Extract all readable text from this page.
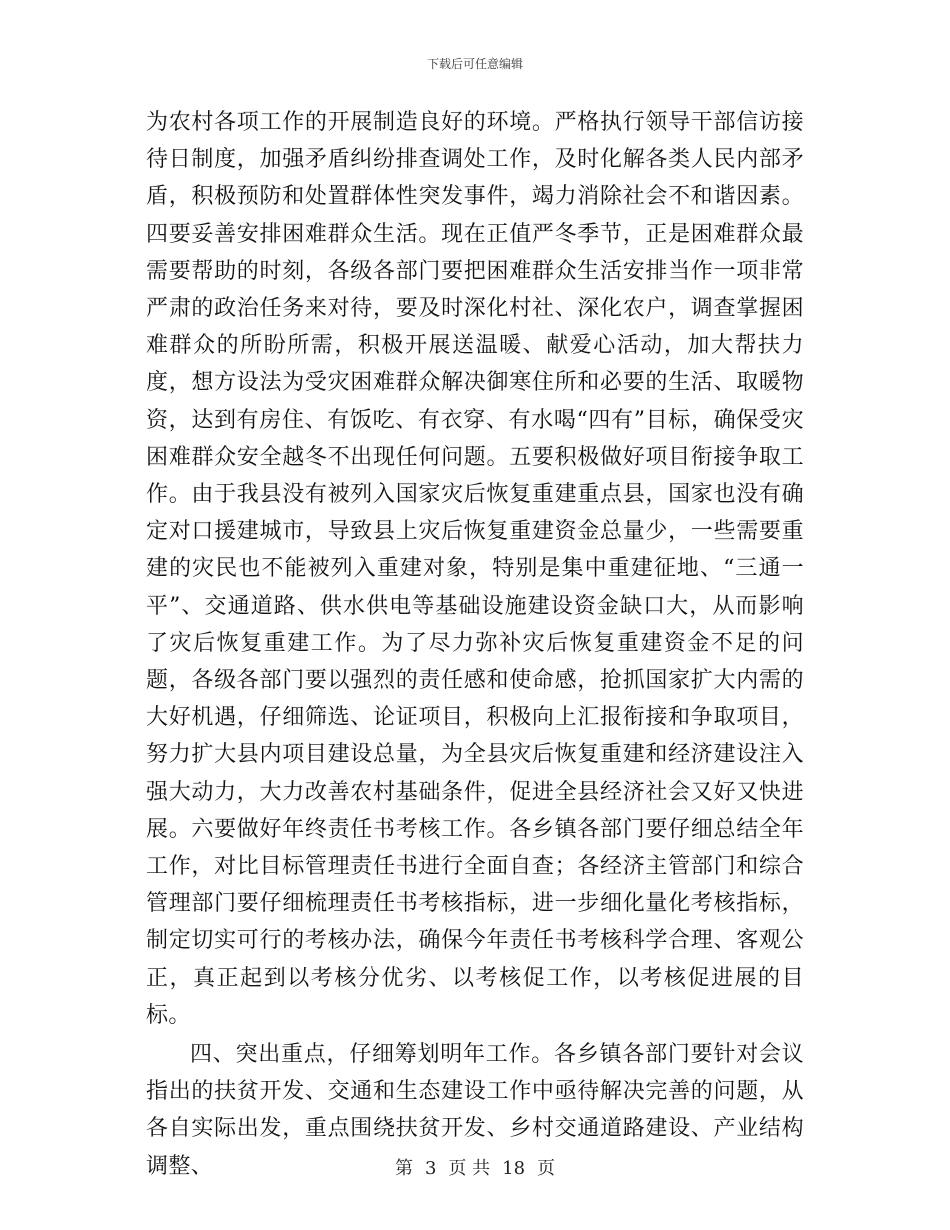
下载后可任意编辑

为农村各项工作的开展制造良好的环境。严格执行领导干部信访接待日制度，加强矛盾纠纷排查调处工作，及时化解各类人民内部矛盾，积极预防和处置群体性突发事件，竭力消除社会不和谐因素。四要妥善安排困难群众生活。现在正值严冬季节，正是困难群众最需要帮助的时刻，各级各部门要把困难群众生活安排当作一项非常严肃的政治任务来对待，要及时深化村社、深化农户，调查掌握困难群众的所盼所需，积极开展送温暖、献爱心活动，加大帮扶力度，想方设法为受灾困难群众解决御寒住所和必要的生活、取暖物资，达到有房住、有饭吃、有衣穿、有水喝“四有”目标，确保受灾困难群众安全越冬不出现任何问题。五要积极做好项目衔接争取工作。由于我县没有被列入国家灾后恢复重建重点县，国家也没有确定对口援建城市，导致县上灾后恢复重建资金总量少，一些需要重建的灾民也不能被列入重建对象，特别是集中重建征地、“三通一平”、交通道路、供水供电等基础设施建设资金缺口大，从而影响了灾后恢复重建工作。为了尽力弥补灾后恢复重建资金不足的问题，各级各部门要以强烈的责任感和使命感，抢抓国家扩大内需的大好机遇，仔细筛选、论证项目，积极向上汇报衔接和争取项目，努力扩大县内项目建设总量，为全县灾后恢复重建和经济建设注入强大动力，大力改善农村基础条件，促进全县经济社会又好又快进展。六要做好年终责任书考核工作。各乡镇各部门要仔细总结全年工作，对比目标管理责任书进行全面自查；各经济主管部门和综合管理部门要仔细梳理责任书考核指标，进一步细化量化考核指标，制定切实可行的考核办法，确保今年责任书考核科学合理、客观公正，真正起到以考核分优劣、以考核促工作，以考核促进展的目标。

四、突出重点，仔细筹划明年工作。各乡镇各部门要针对会议指出的扶贫开发、交通和生态建设工作中亟待解决完善的问题，从各自实际出发，重点围绕扶贫开发、乡村交通道路建设、产业结构调整、	第 3 页 共 18 页
